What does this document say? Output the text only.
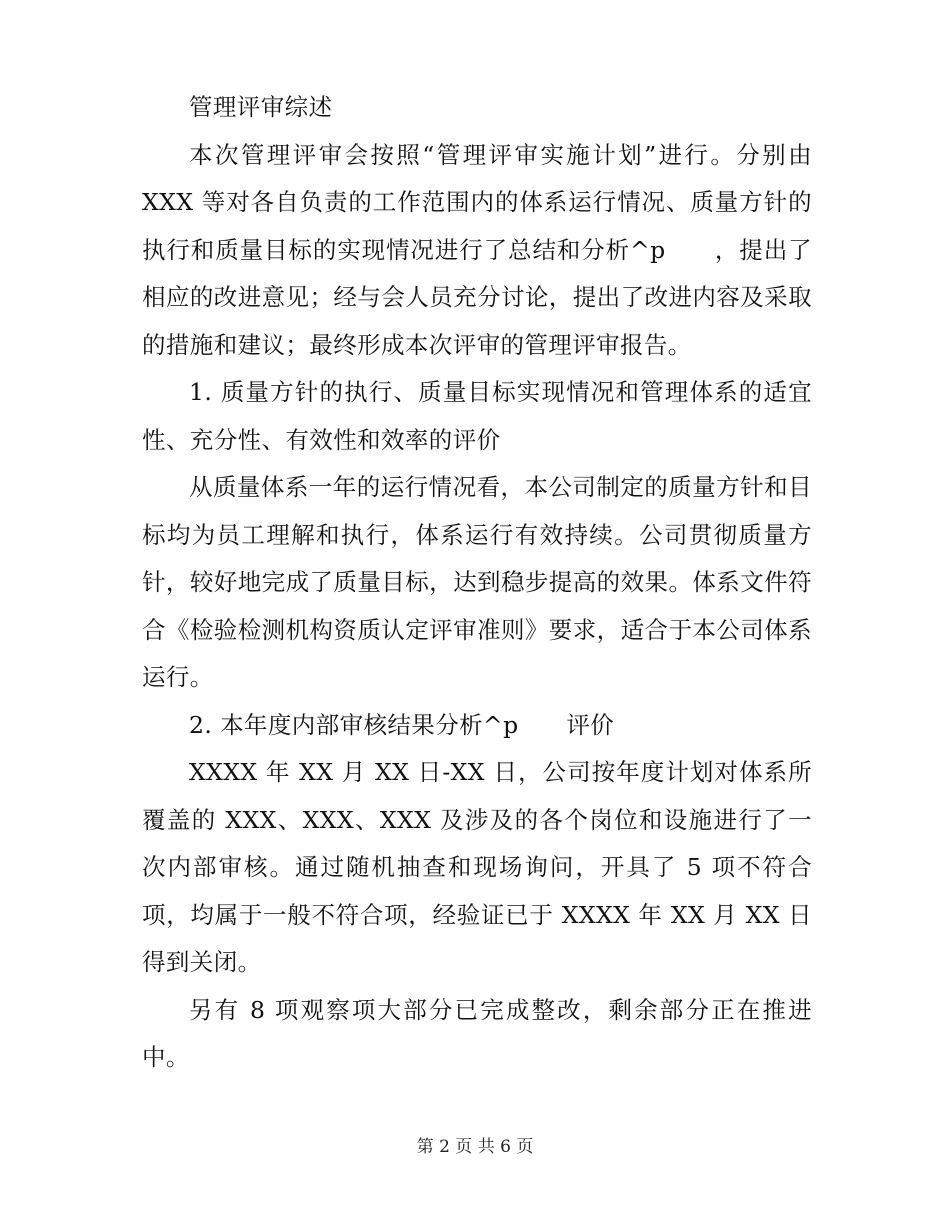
管理评审综述

本次管理评审会按照“管理评审实施计划”进行。分别由XXX 等对各自负责的工作范围内的体系运行情况、质量方针的执行和质量目标的实现情况进行了总结和分析^p　　，提出了相应的改进意见；经与会人员充分讨论，提出了改进内容及采取的措施和建议；最终形成本次评审的管理评审报告。

1. 质量方针的执行、质量目标实现情况和管理体系的适宜性、充分性、有效性和效率的评价

从质量体系一年的运行情况看，本公司制定的质量方针和目标均为员工理解和执行，体系运行有效持续。公司贯彻质量方针，较好地完成了质量目标，达到稳步提高的效果。体系文件符合《检验检测机构资质认定评审准则》要求，适合于本公司体系运行。

2. 本年度内部审核结果分析^p　　评价

XXXX 年 XX 月 XX 日-XX 日，公司按年度计划对体系所覆盖的 XXX、XXX、XXX 及涉及的各个岗位和设施进行了一次内部审核。通过随机抽查和现场询问，开具了 5 项不符合项，均属于一般不符合项，经验证已于 XXXX 年 XX 月 XX 日得到关闭。

另有 8 项观察项大部分已完成整改，剩余部分正在推进中。

第 2 页 共 6 页
